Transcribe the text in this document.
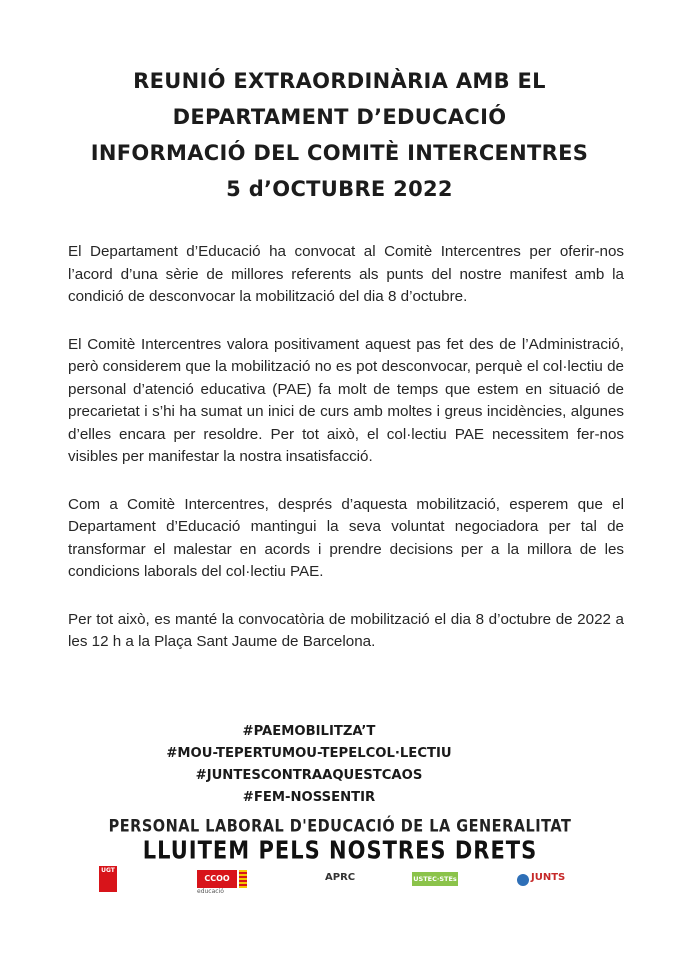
REUNIÓ EXTRAORDINÀRIA AMB EL
DEPARTAMENT D’EDUCACIÓ
INFORMACIÓ DEL COMITÈ INTERCENTRES
5 d’OCTUBRE 2022

El Departament d’Educació ha convocat al Comitè Intercentres per oferir-nos l’acord d’una sèrie de millores referents als punts del nostre manifest amb la condició de desconvocar la mobilització del dia 8 d’octubre.

El Comitè Intercentres valora positivament aquest pas fet des de l’Administració, però considerem que la mobilització no es pot desconvocar, perquè el col·lectiu de personal d’atenció educativa (PAE) fa molt de temps que estem en situació de precarietat i s’hi ha sumat un inici de curs amb moltes i greus incidències, algunes d’elles encara per resoldre. Per tot això, el col·lectiu PAE necessitem fer-nos visibles per manifestar la nostra insatisfacció.

Com a Comitè Intercentres, després d’aquesta mobilització, esperem que el Departament d’Educació mantingui la seva voluntat negociadora per tal de transformar el malestar en acords i prendre decisions per a la millora de les condicions laborals del col·lectiu PAE.

Per tot això, es manté la convocatòria de mobilització el dia 8 d’octubre de 2022 a les 12 h a la Plaça Sant Jaume de Barcelona.

#PAEMOBILITZA’T
#MOU-TEPERTUMOU-TEPELCOL·LECTIU
#JUNTESCONTRAAQUESTCAOS
#FEM-NOSSENTIR
PERSONAL LABORAL D'EDUCACIÓ DE LA GENERALITAT
LLUITEM PELS NOSTRES DRETS
UGT
CCOO
educació
APRC	USTEC·STEs	JUNTS
